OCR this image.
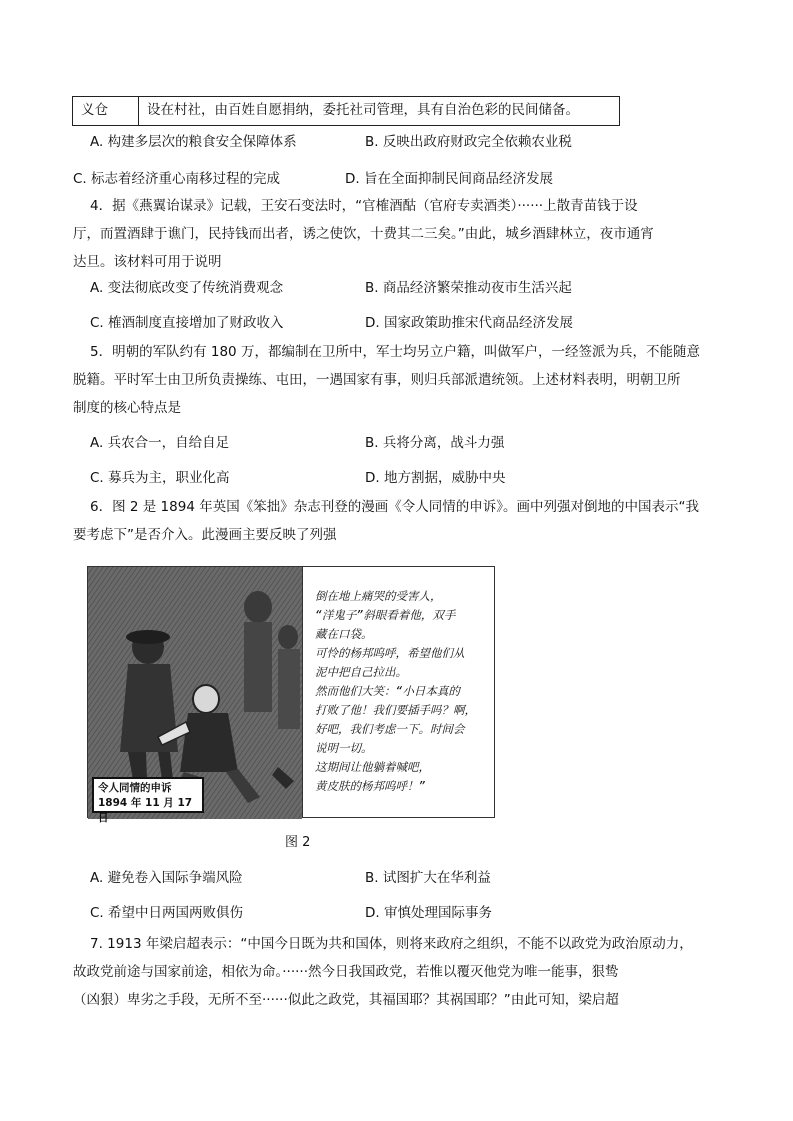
义仓	设在村社，由百姓自愿捐纳，委托社司管理，具有自治色彩的民间储备。
A. 构建多层次的粮食安全保障体系	B. 反映出政府财政完全依赖农业税
C. 标志着经济重心南移过程的完成	D. 旨在全面抑制民间商品经济发展
4．据《燕翼诒谋录》记载，王安石变法时，“官榷酒酤（官府专卖酒类）······上散青苗钱于设
厅，而置酒肆于谯门，民持钱而出者，诱之使饮，十费其二三矣。”由此，城乡酒肆林立，夜市通宵
达旦。该材料可用于说明
A. 变法彻底改变了传统消费观念	B. 商品经济繁荣推动夜市生活兴起
C. 榷酒制度直接增加了财政收入	D. 国家政策助推宋代商品经济发展
5．明朝的军队约有 180 万，都编制在卫所中，军士均另立户籍，叫做军户，一经签派为兵，不能随意
脱籍。平时军士由卫所负责操练、屯田，一遇国家有事，则归兵部派遣统领。上述材料表明，明朝卫所
制度的核心特点是
A. 兵农合一，自给自足	B. 兵将分离，战斗力强
C. 募兵为主，职业化高	D. 地方割据，威胁中央
6．图 2 是 1894 年英国《笨拙》杂志刊登的漫画《令人同情的申诉》。画中列强对倒地的中国表示“我
要考虑下”是否介入。此漫画主要反映了列强
令人同情的申诉
1894 年 11 月 17 日
倒在地上痛哭的受害人，
“洋鬼子”斜眼看着他，双手
藏在口袋。
可怜的杨邦呜呼，希望他们从
泥中把自己拉出。
然而他们大笑：“小日本真的
打败了他！我们要插手吗？啊，
好吧，我们考虑一下。时间会
说明一切。
这期间让他躺着喊吧，
黄皮肤的杨邦呜呼！”
图 2
A. 避免卷入国际争端风险	B. 试图扩大在华利益
C. 希望中日两国两败俱伤	D. 审慎处理国际事务
7. 1913 年梁启超表示：“中国今日既为共和国体，则将来政府之组织，不能不以政党为政治原动力，
故政党前途与国家前途，相依为命。······然今日我国政党，若惟以覆灭他党为唯一能事，狠鸷
（凶狠）卑劣之手段，无所不至······似此之政党，其福国耶？其祸国耶？”由此可知，梁启超
